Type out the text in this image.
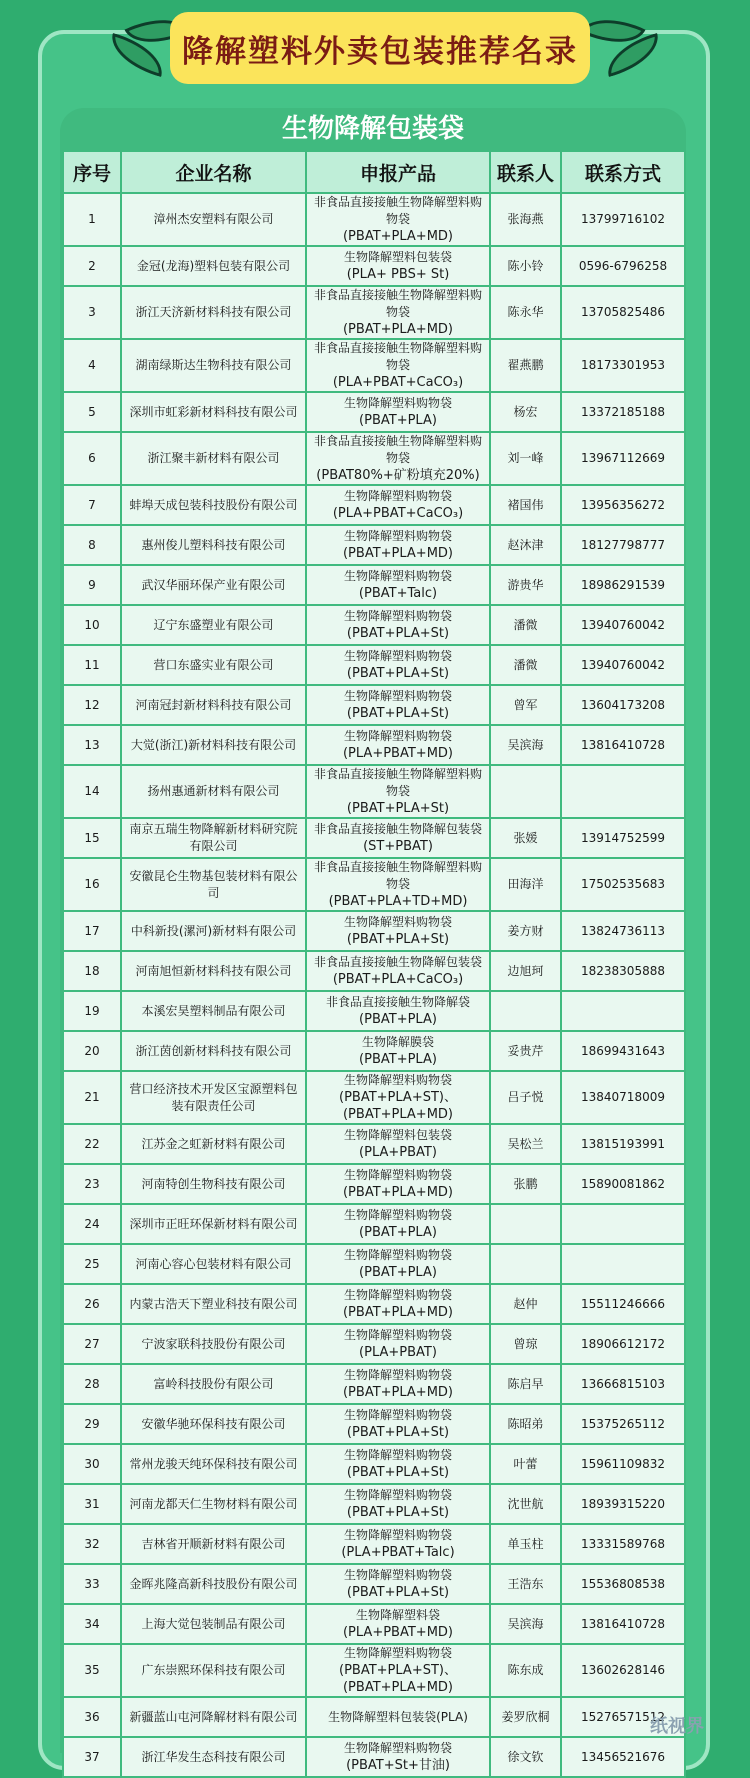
降解塑料外卖包装推荐名录
生物降解包装袋
序号	企业名称	申报产品	联系人	联系方式
1	漳州杰安塑料有限公司	非食品直接接触生物降解塑料购物袋
(PBAT+PLA+MD)	张海燕	13799716102
2	金冠(龙海)塑料包装有限公司	生物降解塑料包装袋
(PLA+ PBS+ St)	陈小铃	0596-6796258
3	浙江天济新材料科技有限公司	非食品直接接触生物降解塑料购物袋
(PBAT+PLA+MD)	陈永华	13705825486
4	湖南绿斯达生物科技有限公司	非食品直接接触生物降解塑料购物袋
(PLA+PBAT+CaCO₃)	翟燕鹏	18173301953
5	深圳市虹彩新材料科技有限公司	生物降解塑料购物袋
(PBAT+PLA)	杨宏	13372185188
6	浙江聚丰新材料有限公司	非食品直接接触生物降解塑料购物袋
(PBAT80%+矿粉填充20%)	刘一峰	13967112669
7	蚌埠天成包装科技股份有限公司	生物降解塑料购物袋
(PLA+PBAT+CaCO₃)	褚国伟	13956356272
8	惠州俊儿塑料科技有限公司	生物降解塑料购物袋
(PBAT+PLA+MD)	赵沐津	18127798777
9	武汉华丽环保产业有限公司	生物降解塑料购物袋
(PBAT+Talc)	游贵华	18986291539
10	辽宁东盛塑业有限公司	生物降解塑料购物袋
(PBAT+PLA+St)	潘微	13940760042
11	营口东盛实业有限公司	生物降解塑料购物袋
(PBAT+PLA+St)	潘微	13940760042
12	河南冠封新材料科技有限公司	生物降解塑料购物袋
(PBAT+PLA+St)	曾军	13604173208
13	大觉(浙江)新材料科技有限公司	生物降解塑料购物袋
(PLA+PBAT+MD)	吴滨海	13816410728
14	扬州惠通新材料有限公司	非食品直接接触生物降解塑料购物袋
(PBAT+PLA+St)		

15	南京五瑞生物降解新材料研究院有限公司	非食品直接接触生物降解包装袋
(ST+PBAT)	张媛	13914752599
16	安徽昆仑生物基包装材料有限公司	非食品直接接触生物降解塑料购物袋
(PBAT+PLA+TD+MD)	田海洋	17502535683
17	中科新投(漯河)新材料有限公司	生物降解塑料购物袋
(PBAT+PLA+St)	姜方财	13824736113
18	河南旭恒新材料科技有限公司	非食品直接接触生物降解包装袋
(PBAT+PLA+CaCO₃)	边旭珂	18238305888
19	本溪宏昊塑料制品有限公司	非食品直接接触生物降解袋
(PBAT+PLA)		

20	浙江茵创新材料科技有限公司	生物降解膜袋
(PBAT+PLA)	妥贵芹	18699431643
21	营口经济技术开发区宝源塑料包装有限责任公司	生物降解塑料购物袋
(PBAT+PLA+ST)、(PBAT+PLA+MD)	吕子悦	13840718009
22	江苏金之虹新材料有限公司	生物降解塑料包装袋
(PLA+PBAT)	吴松兰	13815193991
23	河南特创生物科技有限公司	生物降解塑料购物袋
(PBAT+PLA+MD)	张鹏	15890081862
24	深圳市正旺环保新材料有限公司	生物降解塑料购物袋
(PBAT+PLA)		

25	河南心容心包装材料有限公司	生物降解塑料购物袋
(PBAT+PLA)		

26	内蒙古浩天下塑业科技有限公司	生物降解塑料购物袋
(PBAT+PLA+MD)	赵仲	15511246666
27	宁波家联科技股份有限公司	生物降解塑料购物袋
(PLA+PBAT)	曾琼	18906612172
28	富岭科技股份有限公司	生物降解塑料购物袋
(PBAT+PLA+MD)	陈启早	13666815103
29	安徽华驰环保科技有限公司	生物降解塑料购物袋
(PBAT+PLA+St)	陈昭弟	15375265112
30	常州龙骏天纯环保科技有限公司	生物降解塑料购物袋
(PBAT+PLA+St)	叶蕾	15961109832
31	河南龙都天仁生物材料有限公司	生物降解塑料购物袋
(PBAT+PLA+St)	沈世航	18939315220
32	吉林省开顺新材料有限公司	生物降解塑料购物袋
(PLA+PBAT+Talc)	单玉柱	13331589768
33	金晖兆隆高新科技股份有限公司	生物降解塑料购物袋
(PBAT+PLA+St)	王浩东	15536808538
34	上海大觉包装制品有限公司	生物降解塑料袋
(PLA+PBAT+MD)	吴滨海	13816410728
35	广东崇熙环保科技有限公司	生物降解塑料购物袋
(PBAT+PLA+ST)、(PBAT+PLA+MD)	陈东成	13602628146
36	新疆蓝山屯河降解材料有限公司	生物降解塑料包装袋(PLA)	姜罗欣桐	15276571512
37	浙江华发生态科技有限公司	生物降解塑料购物袋
(PBAT+St+甘油)	徐文钦	13456521676
纸视界
